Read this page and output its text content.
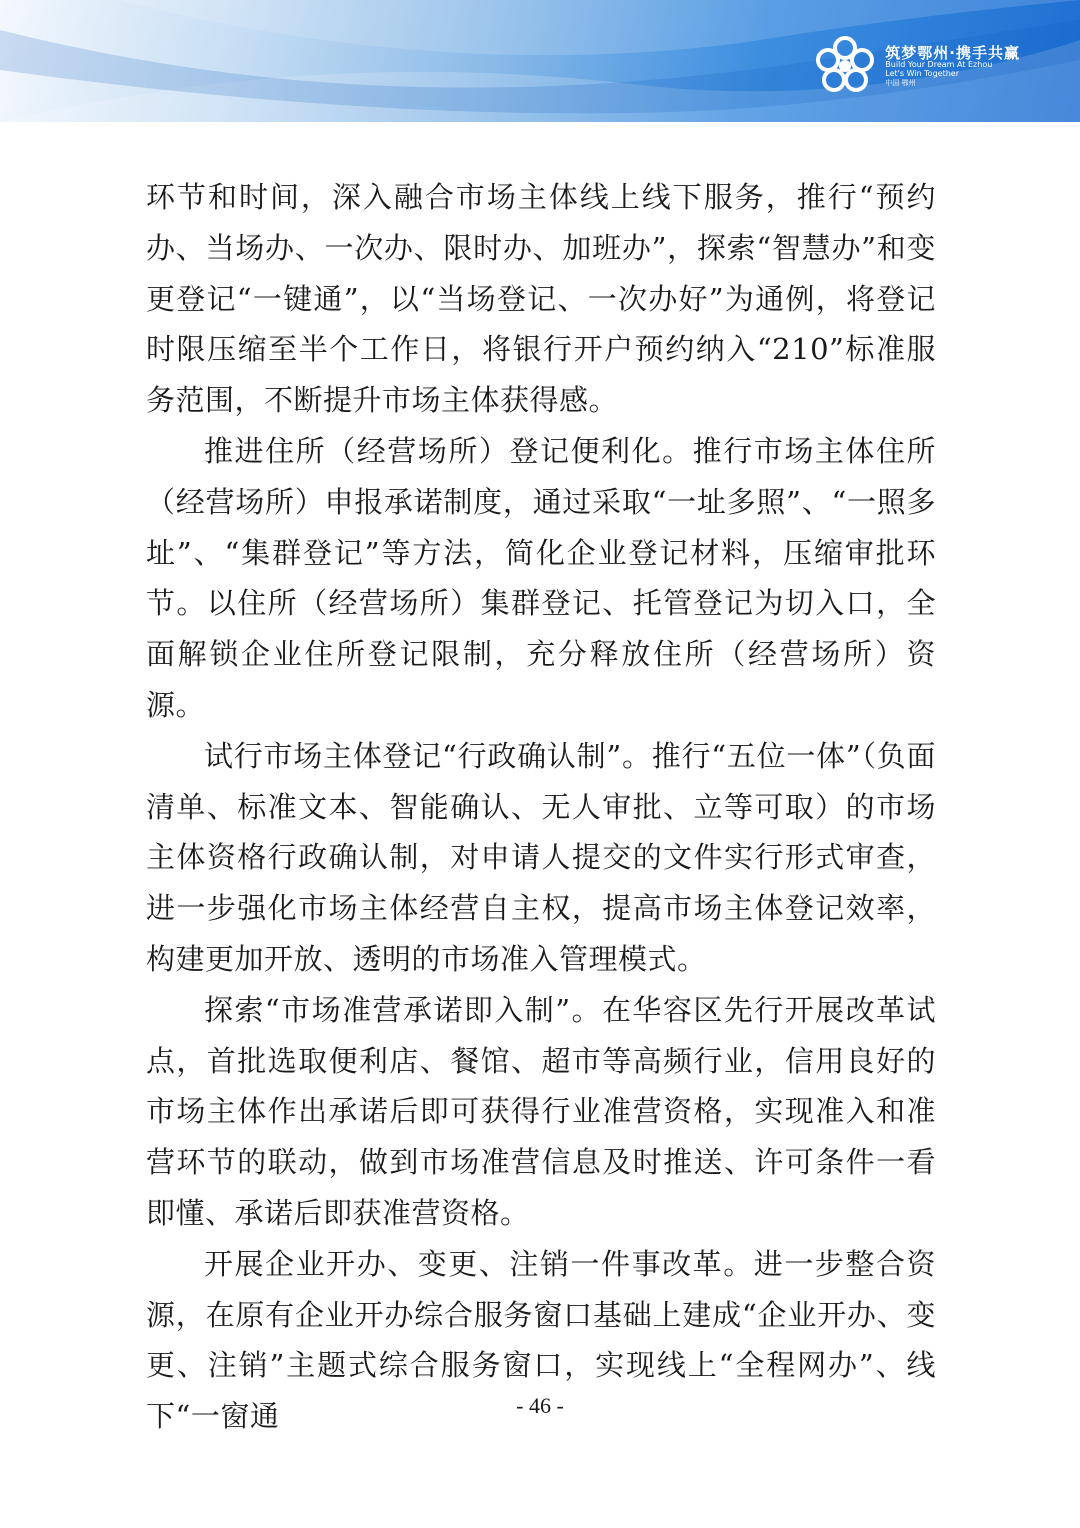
筑梦鄂州·携手共赢
Build Your Dream At Ezhou
Let's Win Together
中国 鄂州

环节和时间，深入融合市场主体线上线下服务，推行“预约办、当场办、一次办、限时办、加班办”，探索“智慧办”和变更登记“一键通”，以“当场登记、一次办好”为通例，将登记时限压缩至半个工作日，将银行开户预约纳入“210”标准服务范围，不断提升市场主体获得感。

推进住所（经营场所）登记便利化。推行市场主体住所（经营场所）申报承诺制度，通过采取“一址多照”、“一照多址”、“集群登记”等方法，简化企业登记材料，压缩审批环节。以住所（经营场所）集群登记、托管登记为切入口，全面解锁企业住所登记限制，充分释放住所（经营场所）资源。

试行市场主体登记“行政确认制”。推行“五位一体”（负面清单、标准文本、智能确认、无人审批、立等可取）的市场主体资格行政确认制，对申请人提交的文件实行形式审查，进一步强化市场主体经营自主权，提高市场主体登记效率，构建更加开放、透明的市场准入管理模式。

探索“市场准营承诺即入制”。在华容区先行开展改革试点，首批选取便利店、餐馆、超市等高频行业，信用良好的市场主体作出承诺后即可获得行业准营资格，实现准入和准营环节的联动，做到市场准营信息及时推送、许可条件一看即懂、承诺后即获准营资格。

开展企业开办、变更、注销一件事改革。进一步整合资源，在原有企业开办综合服务窗口基础上建成“企业开办、变更、注销”主题式综合服务窗口，实现线上“全程网办”、线下“一窗通	- 46 -
